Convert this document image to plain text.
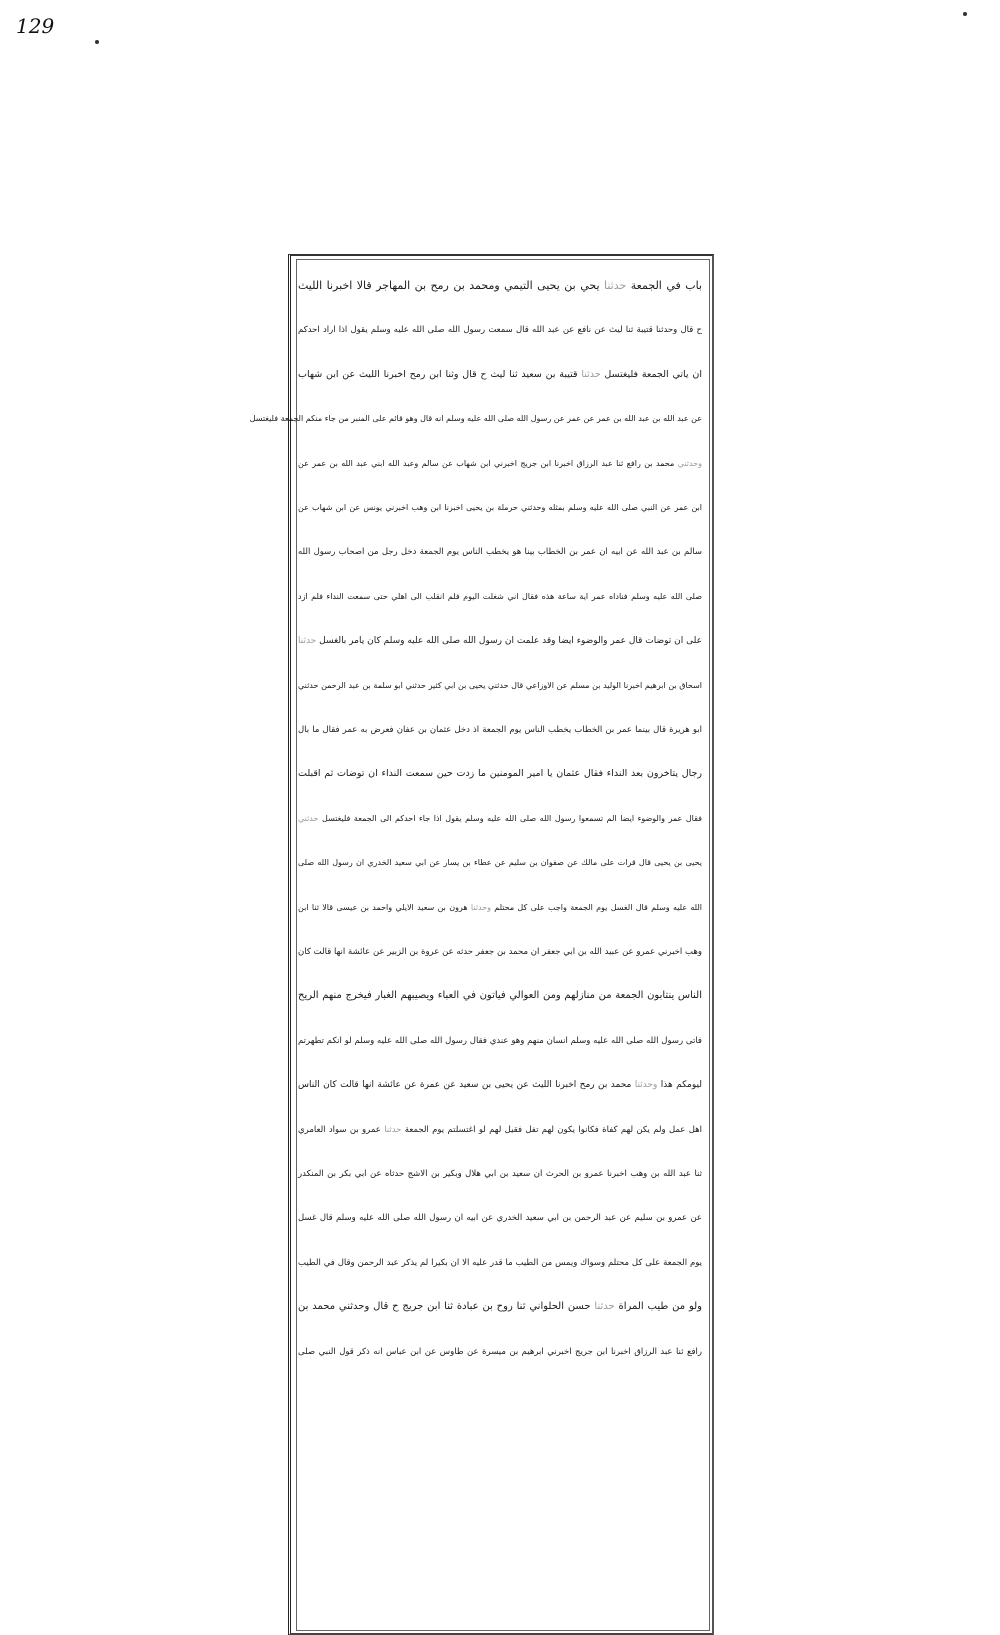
129
باب في الجمعة حدثنا يحي بن يحيى التيمي ومحمد بن رمح بن المهاجر قالا اخبرنا الليث
ح قال وحدثنا قتيبة ثنا ليث عن نافع عن عبد الله قال سمعت رسول الله صلى الله عليه وسلم يقول اذا اراد احدكم
ان ياتي الجمعة فليغتسل حدثنا قتيبة بن سعيد ثنا ليث ح قال وثنا ابن رمح اخبرنا الليث عن ابن شهاب
عن عبد الله بن عبد الله بن عمر عن عمر عن رسول الله صلى الله عليه وسلم انه قال وهو قائم على المنبر من جاء منكم الجمعة فليغتسل
وحدثني محمد بن رافع ثنا عبد الرزاق اخبرنا ابن جريج اخبرني ابن شهاب عن سالم وعبد الله ابني عبد الله بن عمر عن
ابن عمر عن النبي صلى الله عليه وسلم بمثله وحدثني حرملة بن يحيى اخبرنا ابن وهب اخبرني يونس عن ابن شهاب عن
سالم بن عبد الله عن ابيه ان عمر بن الخطاب بينا هو يخطب الناس يوم الجمعة دخل رجل من اصحاب رسول الله
صلى الله عليه وسلم فناداه عمر اية ساعة هذه فقال اني شغلت اليوم فلم انقلب الى اهلي حتى سمعت النداء فلم ازد
على ان توضات قال عمر والوضوء ايضا وقد علمت ان رسول الله صلى الله عليه وسلم كان يامر بالغسل حدثنا
اسحاق بن ابرهيم اخبرنا الوليد بن مسلم عن الاوزاعي قال حدثني يحيى بن ابي كثير حدثني ابو سلمة بن عبد الرحمن حدثني
ابو هريرة قال بينما عمر بن الخطاب يخطب الناس يوم الجمعة اذ دخل عثمان بن عفان فعرض به عمر فقال ما بال
رجال يتاخرون بعد النداء فقال عثمان يا امير المومنين ما زدت حين سمعت النداء ان توضات ثم اقبلت
فقال عمر والوضوء ايضا الم تسمعوا رسول الله صلى الله عليه وسلم يقول اذا جاء احدكم الى الجمعة فليغتسل حدثني
يحيى بن يحيى قال قرات على مالك عن صفوان بن سليم عن عطاء بن يسار عن ابي سعيد الخدري ان رسول الله صلى
الله عليه وسلم قال الغسل يوم الجمعة واجب على كل محتلم وحدثنا هرون بن سعيد الايلي واحمد بن عيسى قالا ثنا ابن
وهب اخبرني عمرو عن عبيد الله بن ابي جعفر ان محمد بن جعفر حدثه عن عروة بن الزبير عن عائشة انها قالت كان
الناس ينتابون الجمعة من منازلهم ومن العوالي فياتون في العباء ويصيبهم الغبار فيخرج منهم الريح
فاتى رسول الله صلى الله عليه وسلم انسان منهم وهو عندي فقال رسول الله صلى الله عليه وسلم لو انكم تطهرتم
ليومكم هذا وحدثنا محمد بن رمح اخبرنا الليث عن يحيى بن سعيد عن عمرة عن عائشة انها قالت كان الناس
اهل عمل ولم يكن لهم كفاة فكانوا يكون لهم تفل فقيل لهم لو اغتسلتم يوم الجمعة حدثنا عمرو بن سواد العامري
ثنا عبد الله بن وهب اخبرنا عمرو بن الحرث ان سعيد بن ابي هلال وبكير بن الاشج حدثاه عن ابي بكر بن المنكدر
عن عمرو بن سليم عن عبد الرحمن بن ابي سعيد الخدري عن ابيه ان رسول الله صلى الله عليه وسلم قال غسل
يوم الجمعة على كل محتلم وسواك ويمس من الطيب ما قدر عليه الا ان بكيرا لم يذكر عبد الرحمن وقال في الطيب
ولو من طيب المراة حدثنا حسن الحلواني ثنا روح بن عبادة ثنا ابن جريج ح قال وحدثني محمد بن
رافع ثنا عبد الرزاق اخبرنا ابن جريج اخبرني ابرهيم بن ميسرة عن طاوس عن ابن عباس انه ذكر قول النبي صلى
